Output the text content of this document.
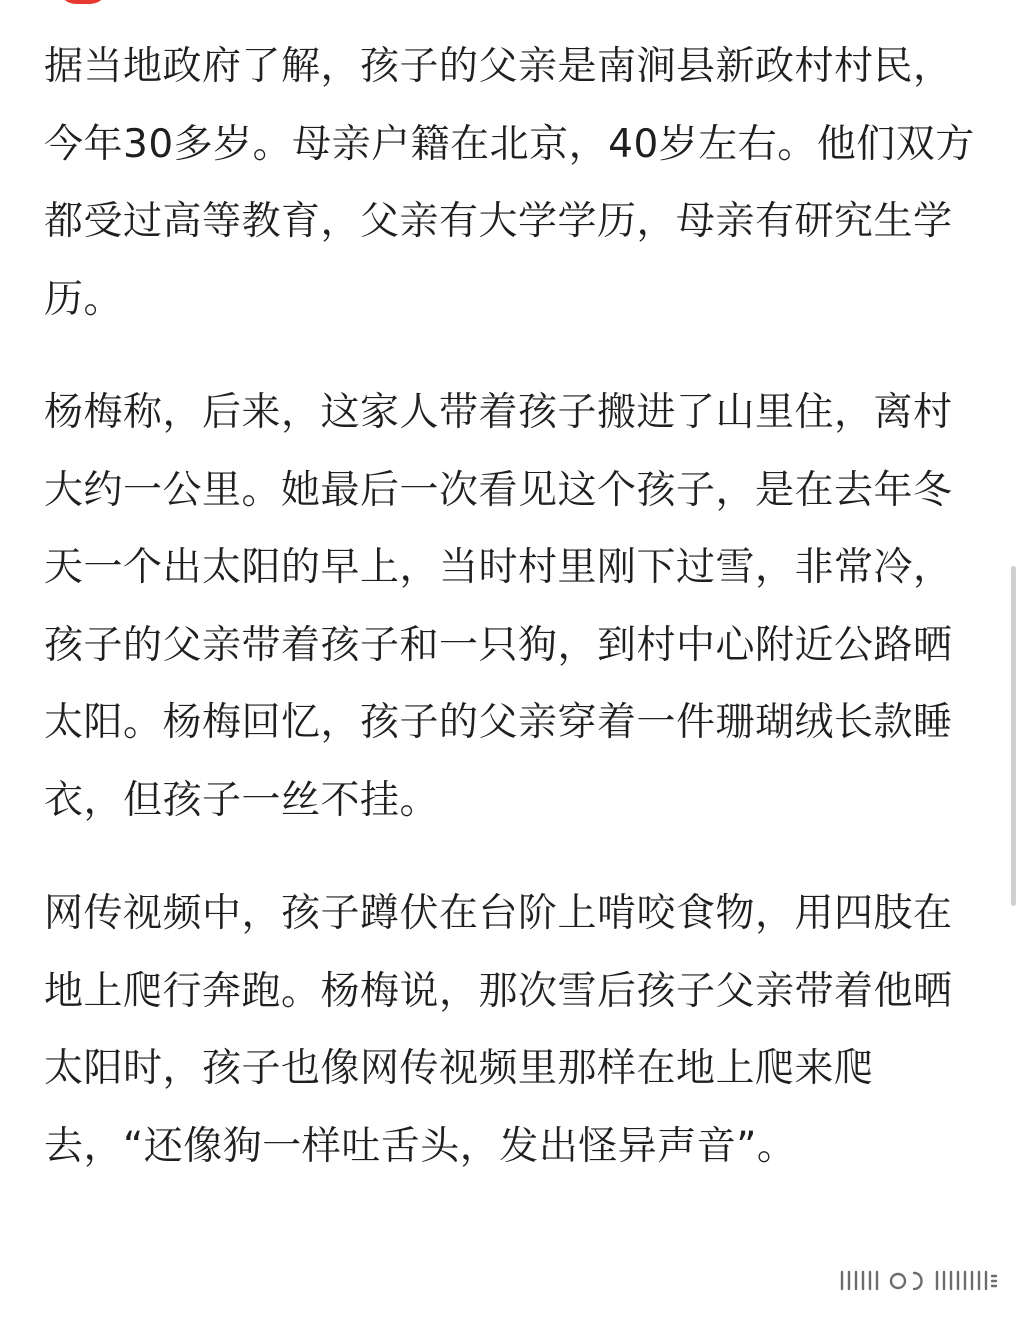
据当地政府了解，孩子的父亲是南涧县新政村村民，今年30多岁。母亲户籍在北京，40岁左右。他们双方都受过高等教育，父亲有大学学历，母亲有研究生学历。

杨梅称，后来，这家人带着孩子搬进了山里住，离村大约一公里。她最后一次看见这个孩子，是在去年冬天一个出太阳的早上，当时村里刚下过雪，非常冷，孩子的父亲带着孩子和一只狗，到村中心附近公路晒太阳。杨梅回忆，孩子的父亲穿着一件珊瑚绒长款睡衣，但孩子一丝不挂。

网传视频中，孩子蹲伏在台阶上啃咬食物，用四肢在地上爬行奔跑。杨梅说，那次雪后孩子父亲带着他晒太阳时，孩子也像网传视频里那样在地上爬来爬去，“还像狗一样吐舌头，发出怪异声音”。
